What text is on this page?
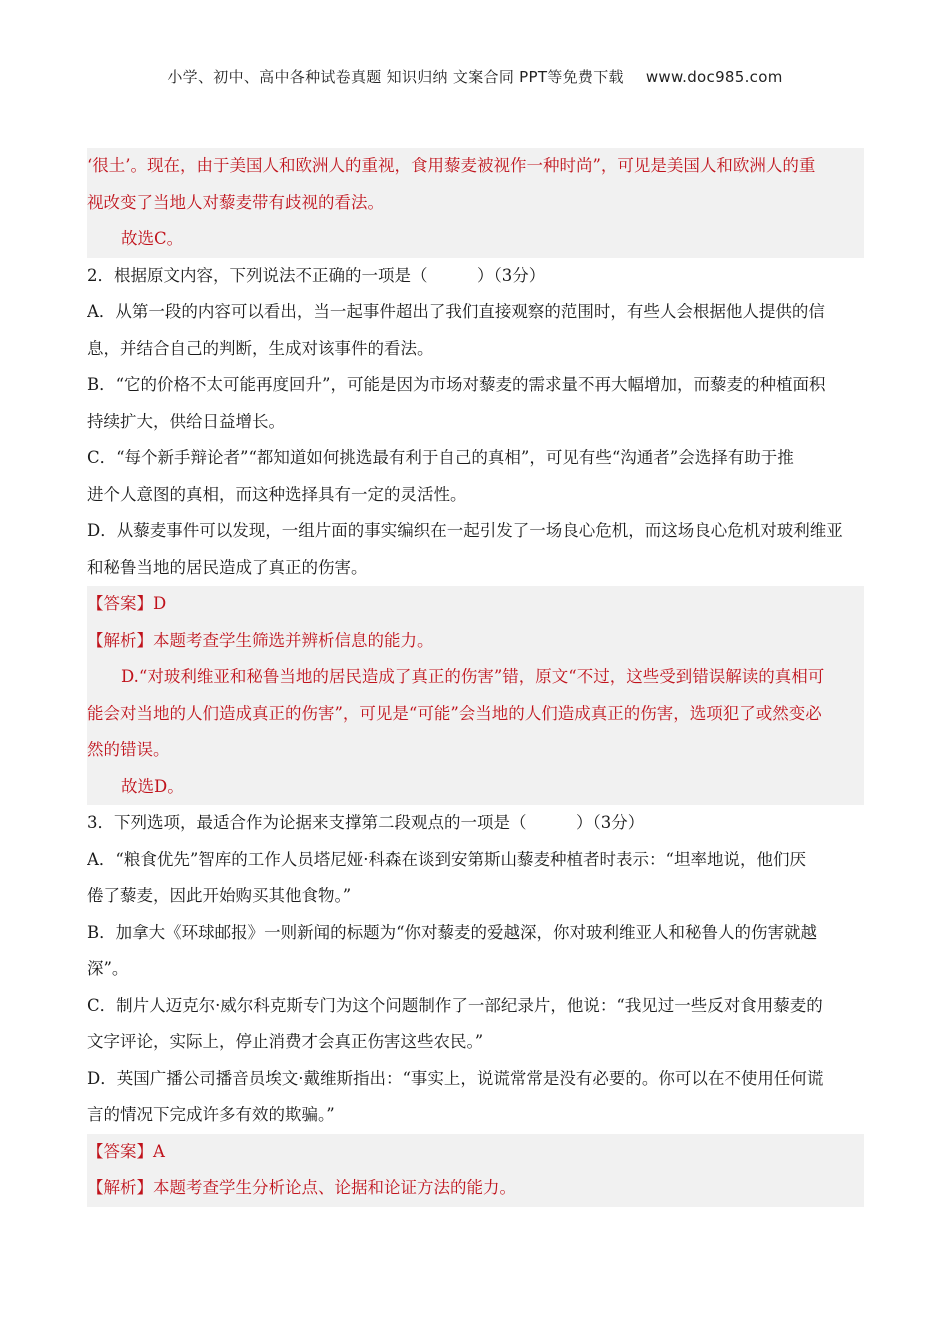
小学、初中、高中各种试卷真题 知识归纳 文案合同 PPT等免费下载 www.doc985.com
‘很土’。现在，由于美国人和欧洲人的重视，食用藜麦被视作一种时尚”，可见是美国人和欧洲人的重
视改变了当地人对藜麦带有歧视的看法。
故选C。
2．根据原文内容，下列说法不正确的一项是（　　　）（3分）
A．从第一段的内容可以看出，当一起事件超出了我们直接观察的范围时，有些人会根据他人提供的信
息，并结合自己的判断，生成对该事件的看法。
B．“它的价格不太可能再度回升”，可能是因为市场对藜麦的需求量不再大幅增加，而藜麦的种植面积
持续扩大，供给日益增长。
C．“每个新手辩论者”“都知道如何挑选最有利于自己的真相”，可见有些“沟通者”会选择有助于推
进个人意图的真相，而这种选择具有一定的灵活性。
D．从藜麦事件可以发现，一组片面的事实编织在一起引发了一场良心危机，而这场良心危机对玻利维亚
和秘鲁当地的居民造成了真正的伤害。
【答案】D
【解析】本题考查学生筛选并辨析信息的能力。
D.“对玻利维亚和秘鲁当地的居民造成了真正的伤害”错，原文“不过，这些受到错误解读的真相可
能会对当地的人们造成真正的伤害”，可见是“可能”会当地的人们造成真正的伤害，选项犯了或然变必
然的错误。
故选D。
3．下列选项，最适合作为论据来支撑第二段观点的一项是（　　　）（3分）
A．“粮食优先”智库的工作人员塔尼娅·科森在谈到安第斯山藜麦种植者时表示：“坦率地说，他们厌
倦了藜麦，因此开始购买其他食物。”
B．加拿大《环球邮报》一则新闻的标题为“你对藜麦的爱越深，你对玻利维亚人和秘鲁人的伤害就越
深”。
C．制片人迈克尔·威尔科克斯专门为这个问题制作了一部纪录片，他说：“我见过一些反对食用藜麦的
文字评论，实际上，停止消费才会真正伤害这些农民。”
D．英国广播公司播音员埃文·戴维斯指出：“事实上，说谎常常是没有必要的。你可以在不使用任何谎
言的情况下完成许多有效的欺骗。”
【答案】A
【解析】本题考查学生分析论点、论据和论证方法的能力。
